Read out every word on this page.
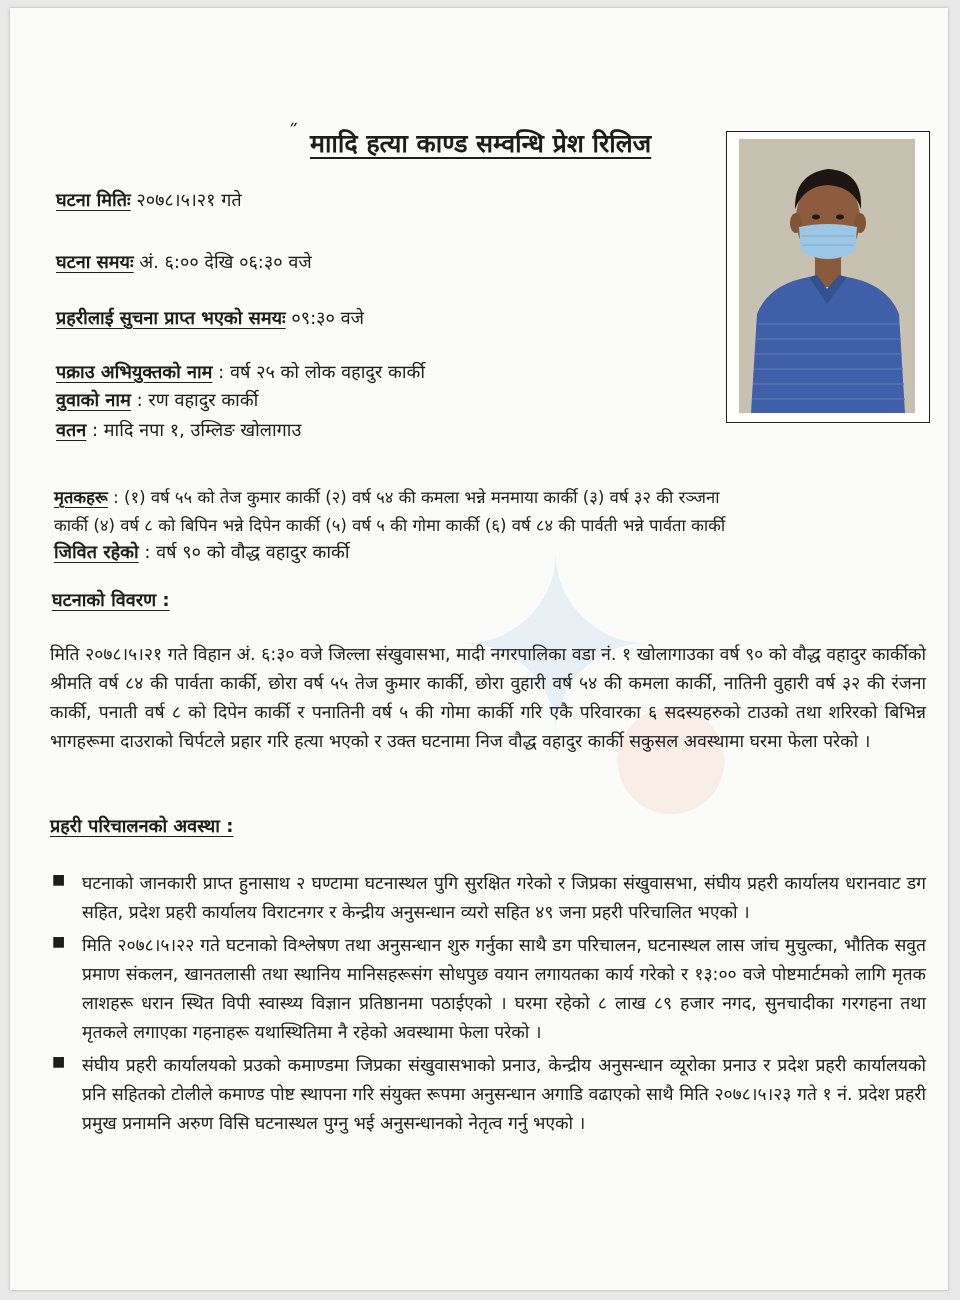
˝ माादि हत्या काण्ड सम्वन्धि प्रेश रिलिज
घटना मितिः २०७८।५।२१ गते
घटना समयः अं. ६:०० देखि ०६:३० वजे
प्रहरीलाई सुचना प्राप्त भएको समयः ०९:३० वजे
पक्राउ अभियुक्तको नाम : वर्ष २५ को लोक वहादुर कार्की
वुवाको नाम : रण वहादुर कार्की
वतन : मादि नपा १, उम्लिङ खोलागाउ
मृतकहरू : (१) वर्ष ५५ को तेज कुमार कार्की (२) वर्ष ५४ की कमला भन्ने मनमाया कार्की (३) वर्ष ३२ की रञ्जना
कार्की (४) वर्ष ८ को बिपिन भन्ने दिपेन कार्की (५) वर्ष ५ की गोमा कार्की (६) वर्ष ८४ की पार्वती भन्ने पार्वता कार्की
जिवित रहेको : वर्ष ९० को वौद्ध वहादुर कार्की ✦
●
घटनाको विवरण :
मिति २०७८।५।२१ गते विहान अं. ६:३० वजे जिल्ला संखुवासभा, मादी नगरपालिका वडा नं. १ खोलागाउका वर्ष ९० को वौद्ध वहादुर कार्कीको श्रीमति वर्ष ८४ की पार्वता कार्की, छोरा वर्ष ५५ तेज कुमार कार्की, छोरा वुहारी वर्ष ५४ की कमला कार्की, नातिनी वुहारी वर्ष ३२ की रंजना कार्की, पनाती वर्ष ८ को दिपेन कार्की र पनातिनी वर्ष ५ की गोमा कार्की गरि एकै परिवारका ६ सदस्यहरुको टाउको तथा शरिरको बिभिन्न भागहरूमा दाउराको चिर्पटले प्रहार गरि हत्या भएको र उक्त घटनामा निज वौद्ध वहादुर कार्की सकुसल अवस्थामा घरमा फेला परेको ।
प्रहरी परिचालनको अवस्था :
■ घटनाको जानकारी प्राप्त हुनासाथ २ घण्टामा घटनास्थल पुगि सुरक्षित गरेको र जिप्रका संखुवासभा, संघीय प्रहरी कार्यालय धरानवाट डग सहित, प्रदेश प्रहरी कार्यालय विराटनगर र केन्द्रीय अनुसन्धान व्यरो सहित ४९ जना प्रहरी परिचालित भएको ।
■ मिति २०७८।५।२२ गते घटनाको विश्लेषण तथा अनुसन्धान शुरु गर्नुका साथै डग परिचालन, घटनास्थल लास जांच मुचुल्का, भौतिक सवुत प्रमाण संकलन, खानतलासी तथा स्थानिय मानिसहरूसंग सोधपुछ वयान लगायतका कार्य गरेको र १३:०० वजे पोष्टमार्टमको लागि मृतक लाशहरू धरान स्थित विपी स्वास्थ्य विज्ञान प्रतिष्ठानमा पठाईएको । घरमा रहेको ८ लाख ८९ हजार नगद, सुनचादीका गरगहना तथा मृतकले लगाएका गहनाहरू यथास्थितिमा नै रहेको अवस्थामा फेला परेको ।
■ संघीय प्रहरी कार्यालयको प्रउको कमाण्डमा जिप्रका संखुवासभाको प्रनाउ, केन्द्रीय अनुसन्धान व्यूरोका प्रनाउ र प्रदेश प्रहरी कार्यालयको प्रनि सहितको टोलीले कमाण्ड पोष्ट स्थापना गरि संयुक्त रूपमा अनुसन्धान अगाडि वढाएको साथै मिति २०७८।५।२३ गते १ नं. प्रदेश प्रहरी प्रमुख प्रनामनि अरुण विसि घटनास्थल पुग्नु भई अनुसन्धानको नेतृत्व गर्नु भएको ।
